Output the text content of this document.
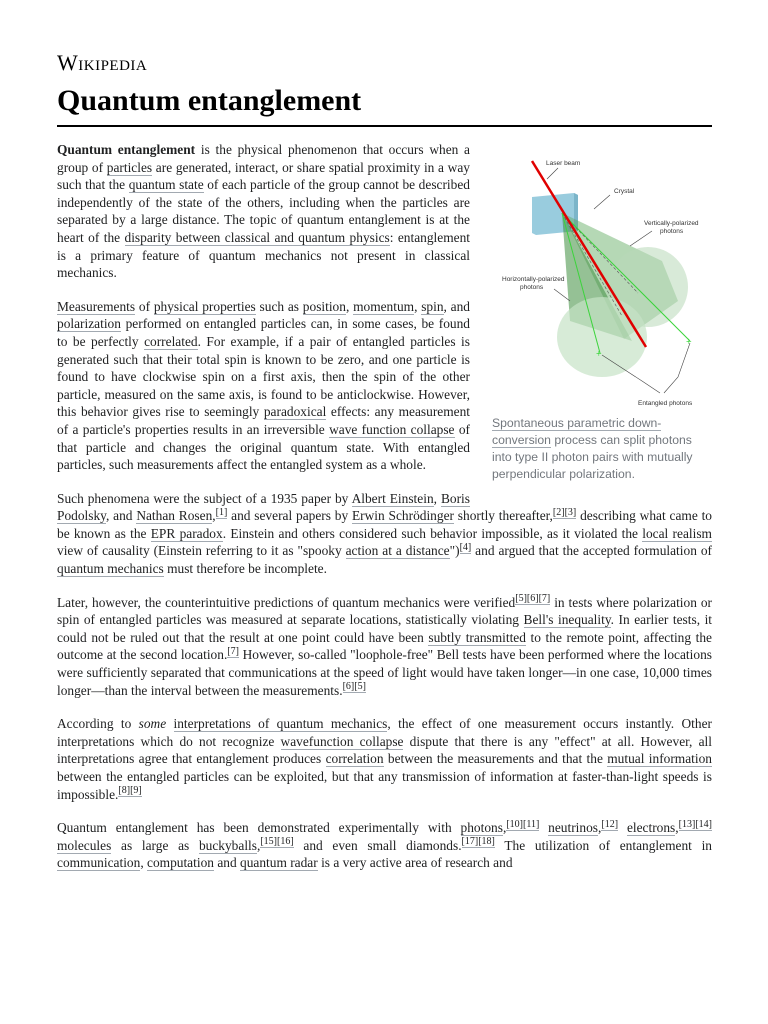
Wikipedia
Quantum entanglement
+
+
Laser beam
Crystal
Vertically-polarized
photons
Horizontally-polarized
photons
Entangled photons
Spontaneous parametric down-conversion process can split photons into type II photon pairs with mutually perpendicular polarization.

Quantum entanglement is the physical phenomenon that occurs when a group of particles are generated, interact, or share spatial proximity in a way such that the quantum state of each particle of the group cannot be described independently of the state of the others, including when the particles are separated by a large distance. The topic of quantum entanglement is at the heart of the disparity between classical and quantum physics: entanglement is a primary feature of quantum mechanics not present in classical mechanics.

Measurements of physical properties such as position, momentum, spin, and polarization performed on entangled particles can, in some cases, be found to be perfectly correlated. For example, if a pair of entangled particles is generated such that their total spin is known to be zero, and one particle is found to have clockwise spin on a first axis, then the spin of the other particle, measured on the same axis, is found to be anticlockwise. However, this behavior gives rise to seemingly paradoxical effects: any measurement of a particle's properties results in an irreversible wave function collapse of that particle and changes the original quantum state. With entangled particles, such measurements affect the entangled system as a whole.

Such phenomena were the subject of a 1935 paper by Albert Einstein, Boris Podolsky, and Nathan Rosen,[1] and several papers by Erwin Schrödinger shortly thereafter,[2][3] describing what came to be known as the EPR paradox. Einstein and others considered such behavior impossible, as it violated the local realism view of causality (Einstein referring to it as "spooky action at a distance")[4] and argued that the accepted formulation of quantum mechanics must therefore be incomplete.

Later, however, the counterintuitive predictions of quantum mechanics were verified[5][6][7] in tests where polarization or spin of entangled particles was measured at separate locations, statistically violating Bell's inequality. In earlier tests, it could not be ruled out that the result at one point could have been subtly transmitted to the remote point, affecting the outcome at the second location.[7] However, so-called "loophole-free" Bell tests have been performed where the locations were sufficiently separated that communications at the speed of light would have taken longer—in one case, 10,000 times longer—than the interval between the measurements.[6][5]

According to some interpretations of quantum mechanics, the effect of one measurement occurs instantly. Other interpretations which do not recognize wavefunction collapse dispute that there is any "effect" at all. However, all interpretations agree that entanglement produces correlation between the measurements and that the mutual information between the entangled particles can be exploited, but that any transmission of information at faster-than-light speeds is impossible.[8][9]

Quantum entanglement has been demonstrated experimentally with photons,[10][11] neutrinos,[12] electrons,[13][14] molecules as large as buckyballs,[15][16] and even small diamonds.[17][18] The utilization of entanglement in communication, computation and quantum radar is a very active area of research and
